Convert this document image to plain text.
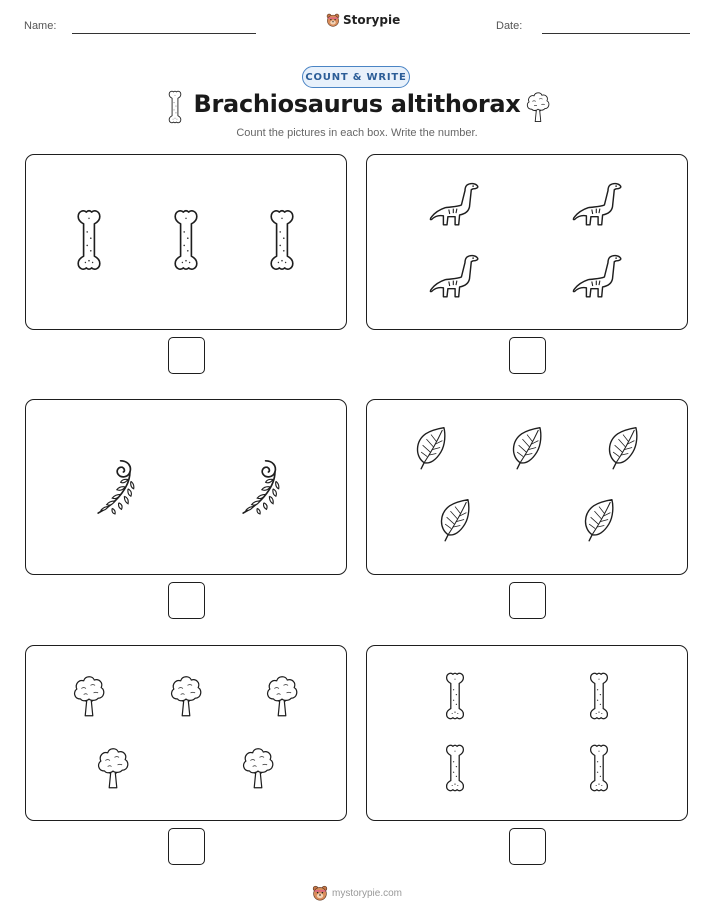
Name:	Storypie	Date:
COUNT & WRITE
Brachiosaurus altithorax
Count the pictures in each box. Write the number.
mystorypie.com
